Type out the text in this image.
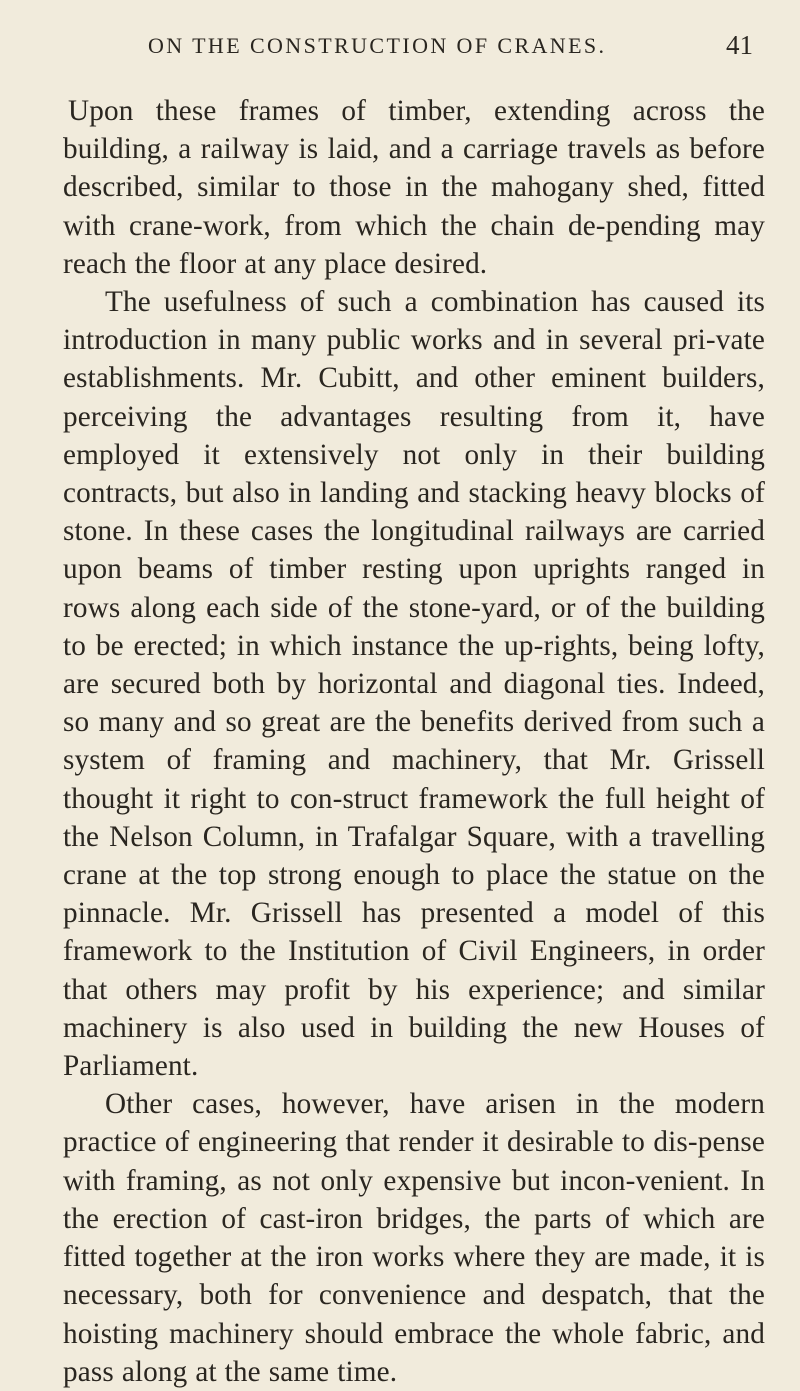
ON THE CONSTRUCTION OF CRANES.	41

Upon these frames of timber, extending across the building, a railway is laid, and a carriage travels as before described, similar to those in the mahogany shed, fitted with crane-work, from which the chain de-pending may reach the floor at any place desired.

The usefulness of such a combination has caused its introduction in many public works and in several pri-vate establishments. Mr. Cubitt, and other eminent builders, perceiving the advantages resulting from it, have employed it extensively not only in their building contracts, but also in landing and stacking heavy blocks of stone. In these cases the longitudinal railways are carried upon beams of timber resting upon uprights ranged in rows along each side of the stone-yard, or of the building to be erected; in which instance the up-rights, being lofty, are secured both by horizontal and diagonal ties. Indeed, so many and so great are the benefits derived from such a system of framing and machinery, that Mr. Grissell thought it right to con-struct framework the full height of the Nelson Column, in Trafalgar Square, with a travelling crane at the top strong enough to place the statue on the pinnacle. Mr. Grissell has presented a model of this framework to the Institution of Civil Engineers, in order that others may profit by his experience; and similar machinery is also used in building the new Houses of Parliament.

Other cases, however, have arisen in the modern practice of engineering that render it desirable to dis-pense with framing, as not only expensive but incon-venient. In the erection of cast-iron bridges, the parts of which are fitted together at the iron works where they are made, it is necessary, both for convenience and despatch, that the hoisting machinery should embrace the whole fabric, and pass along at the same time.
